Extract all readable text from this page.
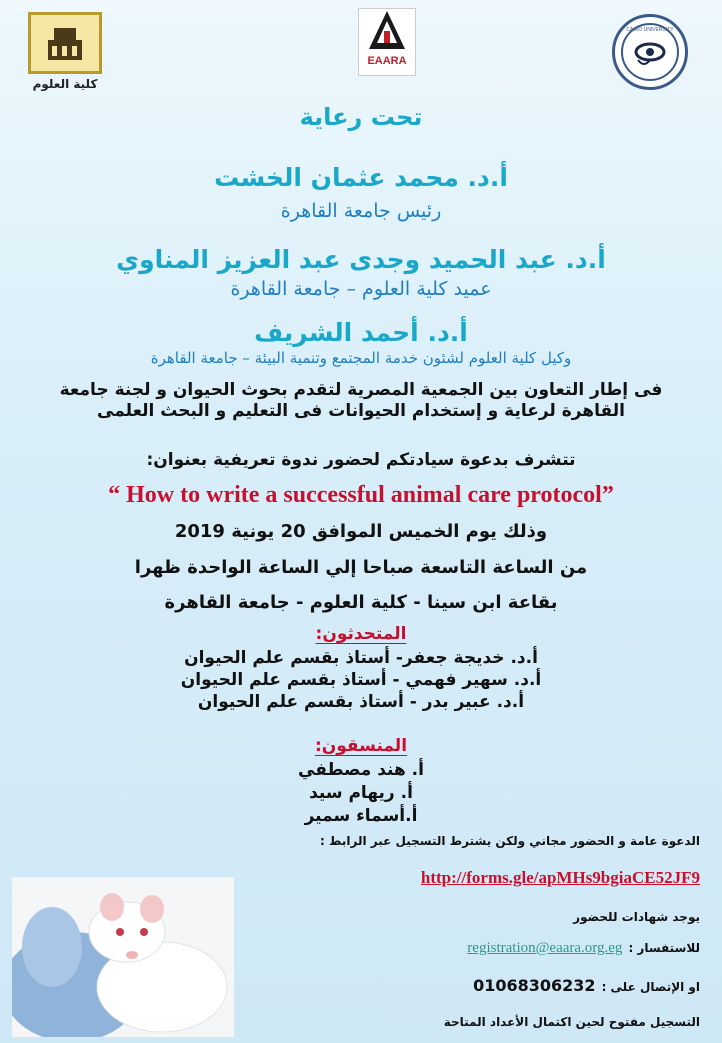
كلية العلوم
EAARA
CAIRO UNIVERSITY
تحت رعاية
أ.د. محمد عثمان الخشت
رئيس جامعة القاهرة
أ.د. عبد الحميد وجدى عبد العزيز المناوي
عميد كلية العلوم – جامعة القاهرة
أ.د. أحمد الشريف
وكيل كلية العلوم لشئون خدمة المجتمع وتنمية البيئة – جامعة القاهرة
فى إطار التعاون بين الجمعية المصرية لتقدم بحوث الحيوان و لجنة جامعة
القاهرة لرعاية و إستخدام الحيوانات فى التعليم و البحث العلمى
تتشرف بدعوة سيادتكم لحضور ندوة تعريفية بعنوان:
“ How to write a successful animal care protocol”
وذلك يوم الخميس الموافق 20 يونية 2019
من الساعة التاسعة صباحا إلي الساعة الواحدة ظهرا
بقاعة ابن سينا - كلية العلوم - جامعة القاهرة
المتحدثون:
أ.د. خديجة جعفر- أستاذ بقسم علم الحيوان
أ.د. سهير فهمي - أستاذ بقسم علم الحيوان
أ.د. عبير بدر - أستاذ بقسم علم الحيوان
المنسقون:
أ. هند مصطفي
أ. ريهام سيد
أ.أسماء سمير
الدعوة عامة و الحضور مجاني ولكن يشترط التسجيل عبر الرابط :
http://forms.gle/apMHs9bgiaCE52JF9
يوجد شهادات للحضور
للاستفسار :
registration@eaara.org.eg
او الإتصال على :
01068306232
التسجيل مفتوح لحين اكتمال الأعداد المتاحة
